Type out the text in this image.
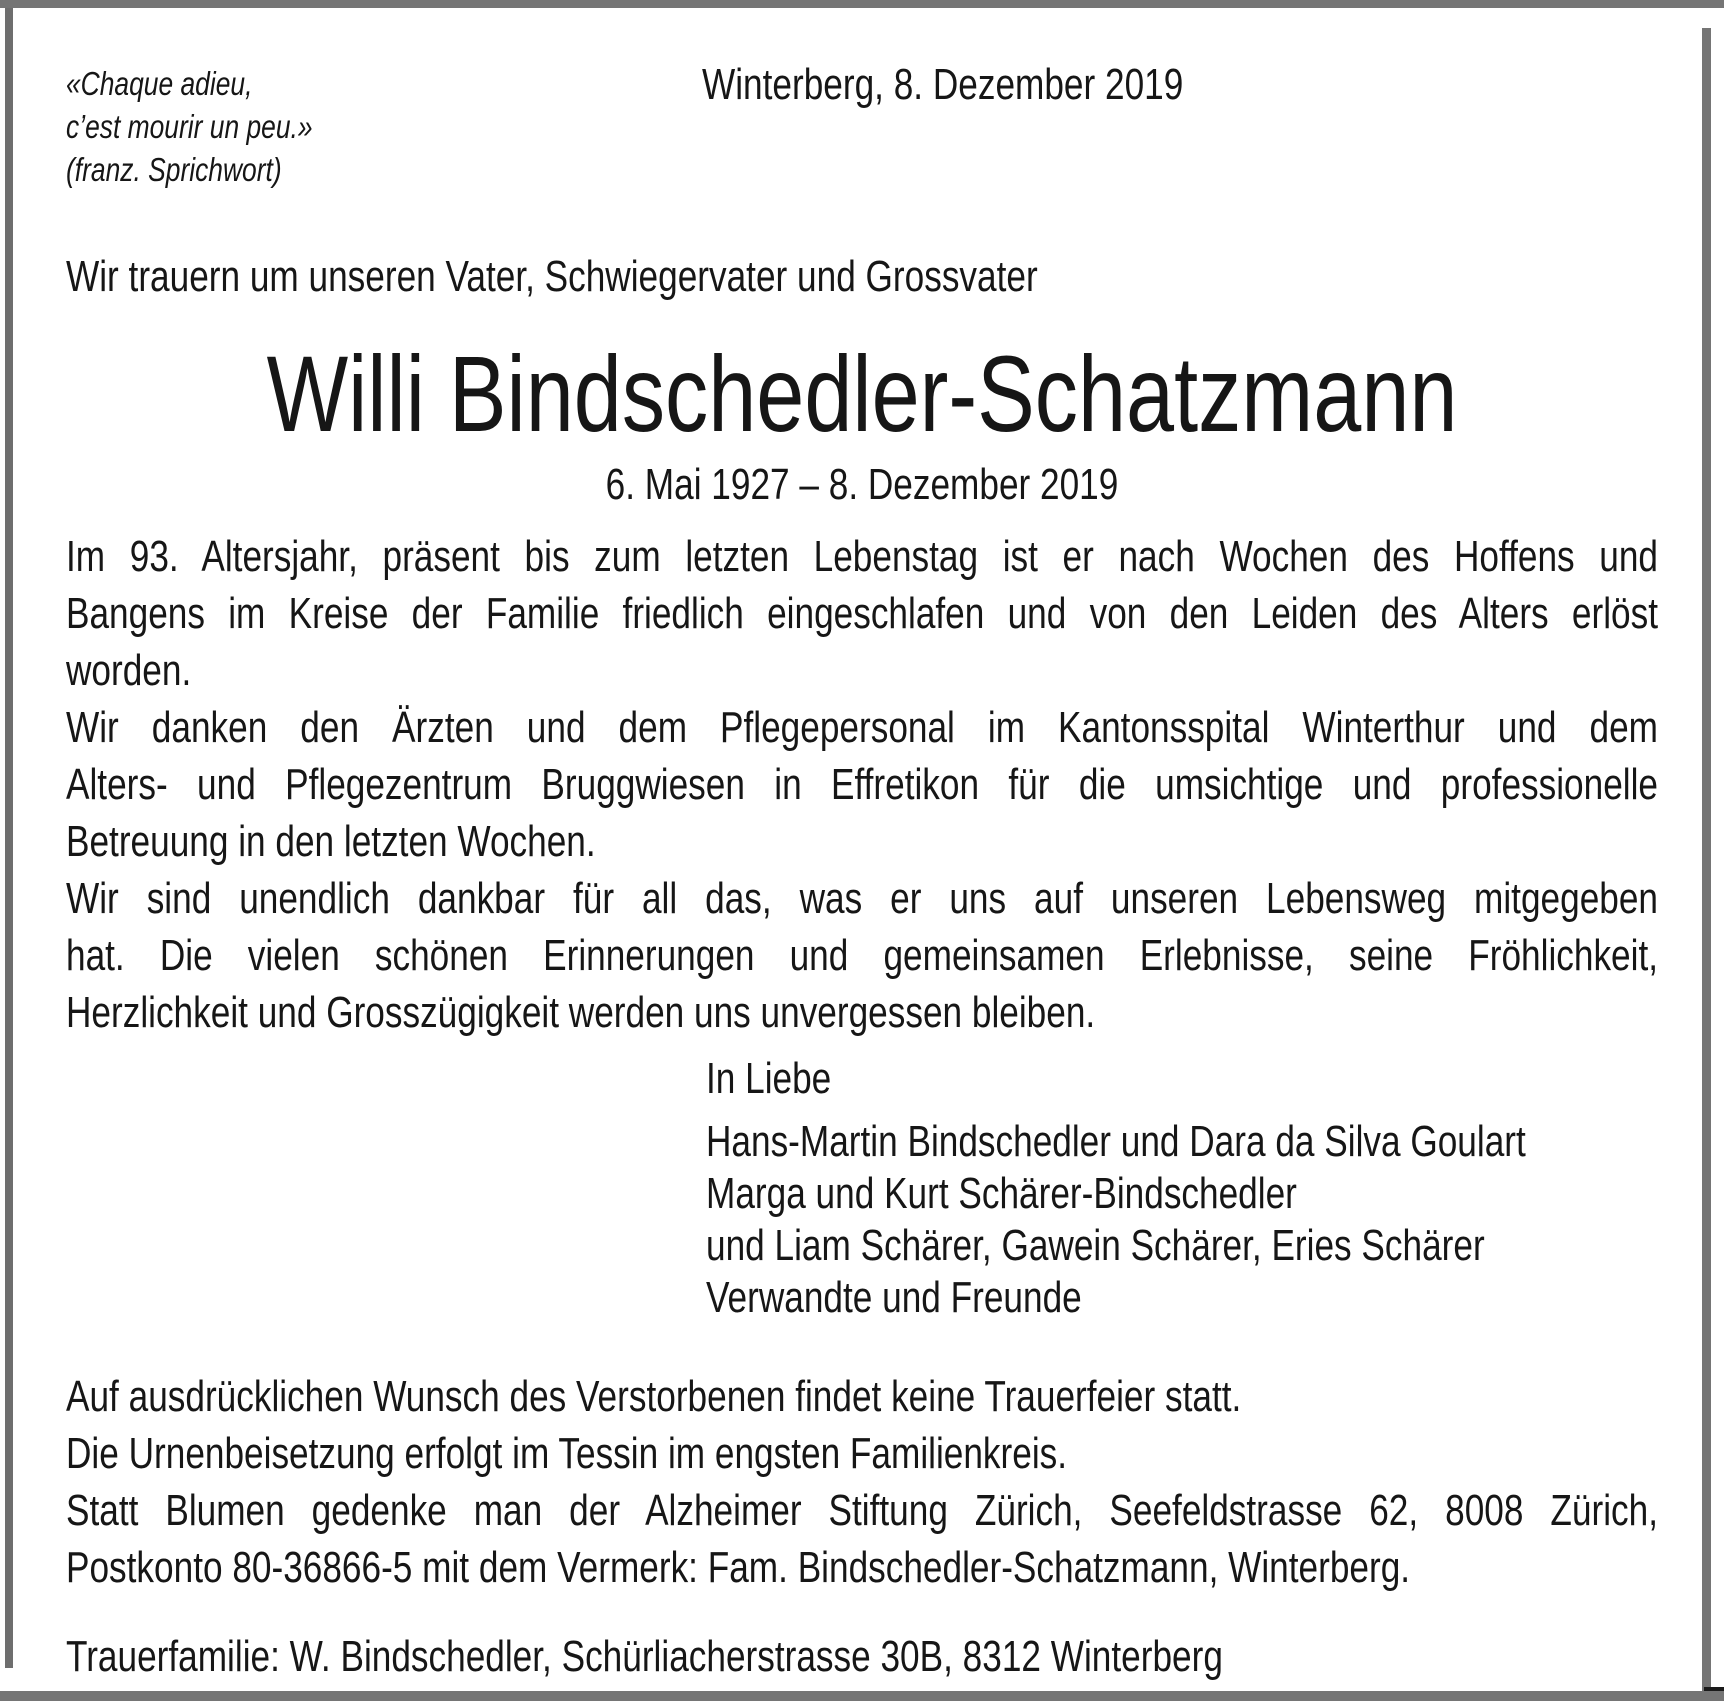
«Chaque adieu,
c’est mourir un peu.»
(franz. Sprichwort)
Winterberg, 8. Dezember 2019
Wir trauern um unseren Vater, Schwiegervater und Grossvater
Willi Bindschedler-Schatzmann
6. Mai 1927 – 8. Dezember 2019

Im 93. Altersjahr, präsent bis zum letzten Lebenstag ist er nach Wochen des Hoffens und
Bangens im Kreise der Familie friedlich eingeschlafen und von den Leiden des Alters erlöst
worden.

Wir danken den Ärzten und dem Pflegepersonal im Kantonsspital Winterthur und dem
Alters- und Pflegezentrum Bruggwiesen in Effretikon für die umsichtige und professionelle
Betreuung in den letzten Wochen.

Wir sind unendlich dankbar für all das, was er uns auf unseren Lebensweg mitgegeben
hat. Die vielen schönen Erinnerungen und gemeinsamen Erlebnisse, seine Fröhlichkeit,
Herzlichkeit und Grosszügigkeit werden uns unvergessen bleiben.

In Liebe
Hans-Martin Bindschedler und Dara da Silva Goulart
Marga und Kurt Schärer-Bindschedler
und Liam Schärer, Gawein Schärer, Eries Schärer
Verwandte und Freunde
Auf ausdrücklichen Wunsch des Verstorbenen findet keine Trauerfeier statt.
Die Urnenbeisetzung erfolgt im Tessin im engsten Familienkreis.
Statt Blumen gedenke man der Alzheimer Stiftung Zürich, Seefeldstrasse 62, 8008 Zürich,
Postkonto 80-36866-5 mit dem Vermerk: Fam. Bindschedler-Schatzmann, Winterberg.
Trauerfamilie: W. Bindschedler, Schürliacherstrasse 30B, 8312 Winterberg
